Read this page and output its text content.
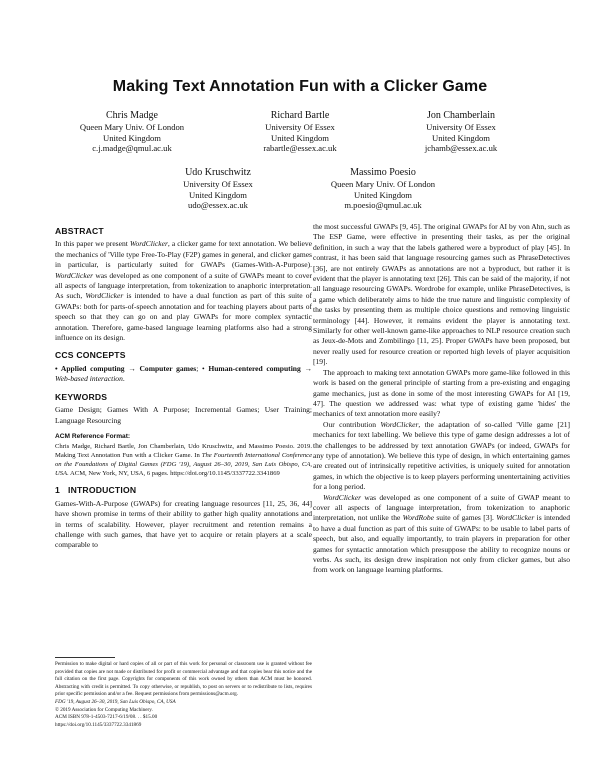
Making Text Annotation Fun with a Clicker Game
Chris Madge
Queen Mary Univ. Of London
United Kingdom
c.j.madge@qmul.ac.uk
Richard Bartle
University Of Essex
United Kingdom
rabartle@essex.ac.uk
Jon Chamberlain
University Of Essex
United Kingdom
jchamb@essex.ac.uk
Udo Kruschwitz
University Of Essex
United Kingdom
udo@essex.ac.uk
Massimo Poesio
Queen Mary Univ. Of London
United Kingdom
m.poesio@qmul.ac.uk
ABSTRACT

In this paper we present WordClicker, a clicker game for text annotation. We believe the mechanics of 'Ville type Free-To-Play (F2P) games in general, and clicker games in particular, is particularly suited for GWAPs (Games-With-A-Purpose). WordClicker was developed as one component of a suite of GWAPs meant to cover all aspects of language interpretation, from tokenization to anaphoric interpretation. As such, WordClicker is intended to have a dual function as part of this suite of GWAPs: both for parts-of-speech annotation and for teaching players about parts of speech so that they can go on and play GWAPs for more complex syntactic annotation. Therefore, game-based language learning platforms also had a strong influence on its design.

CCS CONCEPTS

• Applied computing → Computer games; • Human-centered computing → Web-based interaction.

KEYWORDS

Game Design; Games With A Purpose; Incremental Games; User Training; Language Resourcing

ACM Reference Format:

Chris Madge, Richard Bartle, Jon Chamberlain, Udo Kruschwitz, and Massimo Poesio. 2019. Making Text Annotation Fun with a Clicker Game. In The Fourteenth International Conference on the Foundations of Digital Games (FDG '19), August 26–30, 2019, San Luis Obispo, CA, USA. ACM, New York, NY, USA, 6 pages. https://doi.org/10.1145/3337722.3341869

1 INTRODUCTION

Games-With-A-Purpose (GWAPs) for creating language resources [11, 25, 36, 44] have shown promise in terms of their ability to gather high quality annotations and in terms of scalability. However, player recruitment and retention remains a challenge with such games, that have yet to acquire or retain players at a scale comparable to

Permission to make digital or hard copies of all or part of this work for personal or classroom use is granted without fee provided that copies are not made or distributed for profit or commercial advantage and that copies bear this notice and the full citation on the first page. Copyrights for components of this work owned by others than ACM must be honored. Abstracting with credit is permitted. To copy otherwise, or republish, to post on servers or to redistribute to lists, requires prior specific permission and/or a fee. Request permissions from permissions@acm.org.

FDG '19, August 26–30, 2019, San Luis Obispo, CA, USA

© 2019 Association for Computing Machinery.

ACM ISBN 978-1-4503-7217-6/19/08. . . $15.00

https://doi.org/10.1145/3337722.3341869

the most successful GWAPs [9, 45]. The original GWAPs for AI by von Ahn, such as The ESP Game, were effective in presenting their tasks, as per the original definition, in such a way that the labels gathered were a byproduct of play [45]. In contrast, it has been said that language resourcing games such as PhraseDetectives [36], are not entirely GWAPs as annotations are not a byproduct, but rather it is evident that the player is annotating text [26]. This can be said of the majority, if not all language resourcing GWAPs. Wordrobe for example, unlike PhraseDetectives, is a game which deliberately aims to hide the true nature and linguistic complexity of the tasks by presenting them as multiple choice questions and removing linguistic terminology [44]. However, it remains evident the player is annotating text. Similarly for other well-known game-like approaches to NLP resource creation such as Jeux-de-Mots and Zombilingo [11, 25]. Proper GWAPs have been proposed, but never really used for resource creation or reported high levels of player acquisition [19].

The approach to making text annotation GWAPs more game-like followed in this work is based on the general principle of starting from a pre-existing and engaging game mechanics, just as done in some of the most interesting GWAPs for AI [19, 47]. The question we addressed was: what type of existing game 'hides' the mechanics of text annotation more easily?

Our contribution WordClicker, the adaptation of so-called 'Ville game [21] mechanics for text labelling. We believe this type of game design addresses a lot of the challenges to be addressed by text annotation GWAPs (or indeed, GWAPs for any type of annotation). We believe this type of design, in which entertaining games are created out of intrinsically repetitive activities, is uniquely suited for annotation games, in which the objective is to keep players performing unentertaining activities for a long period.

WordClicker was developed as one component of a suite of GWAP meant to cover all aspects of language interpretation, from tokenization to anaphoric interpretation, not unlike the WordRobe suite of games [3]. WordClicker is intended to have a dual function as part of this suite of GWAPs: to be usable to label parts of speech, but also, and equally importantly, to train players in preparation for other games for syntactic annotation which presuppose the ability to recognize nouns or verbs. As such, its design drew inspiration not only from clicker games, but also from work on language learning platforms.
